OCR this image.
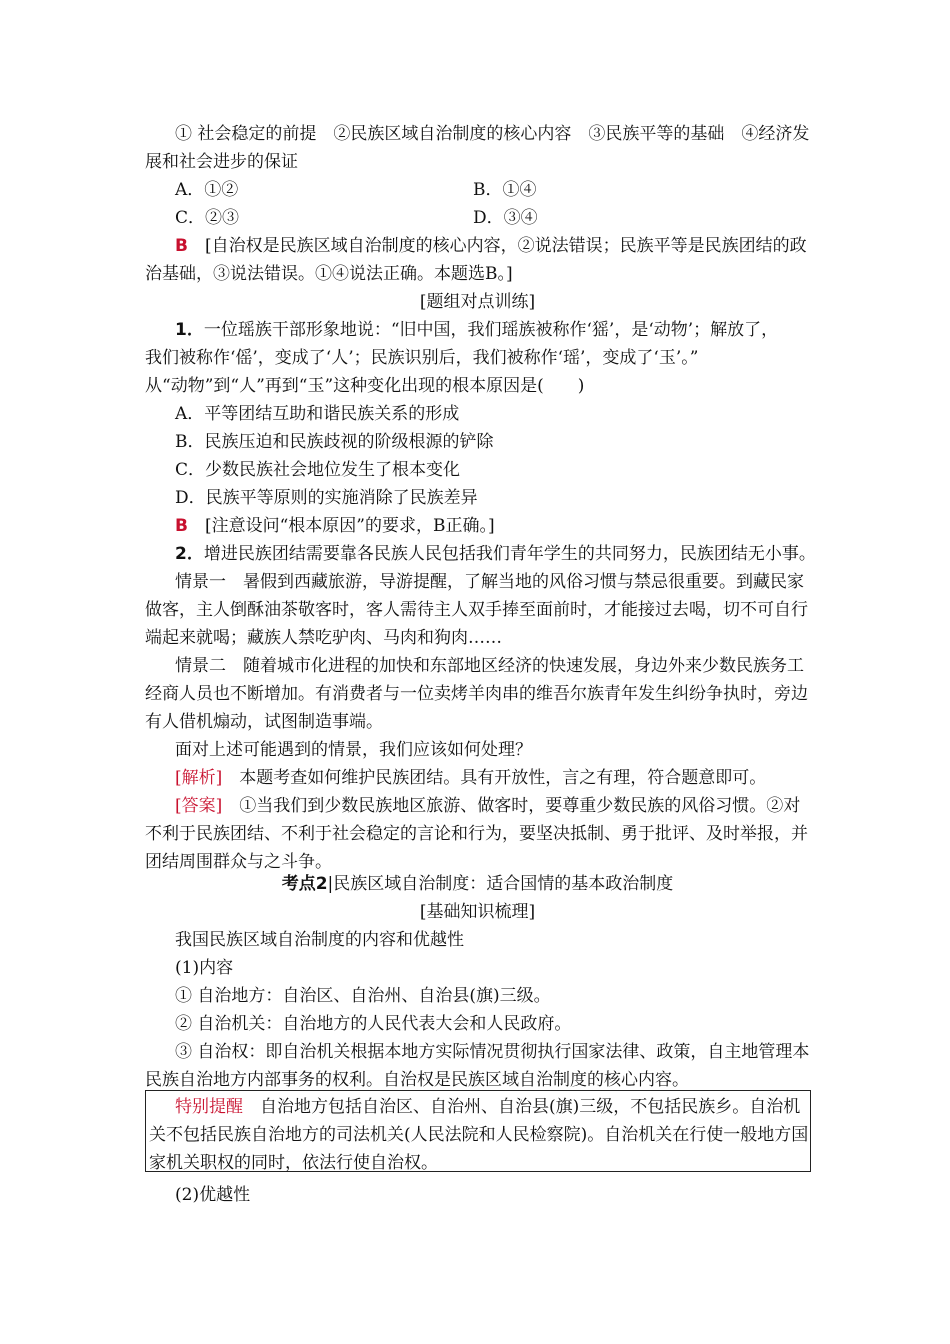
① 社会稳定的前提　②民族区域自治制度的核心内容　③民族平等的基础　④经济发
展和社会进步的保证
A．①②	B．①④
C．②③	D．③④
B　[自治权是民族区域自治制度的核心内容，②说法错误；民族平等是民族团结的政
治基础，③说法错误。①④说法正确。本题选B。]
[题组对点训练]
1．一位瑶族干部形象地说：“旧中国，我们瑶族被称作‘猺’，是‘动物’；解放了，
我们被称作‘傜’，变成了‘人’；民族识别后，我们被称作‘瑶’，变成了‘玉’。”
从“动物”到“人”再到“玉”这种变化出现的根本原因是(　　)
A．平等团结互助和谐民族关系的形成
B．民族压迫和民族歧视的阶级根源的铲除
C．少数民族社会地位发生了根本变化
D．民族平等原则的实施消除了民族差异
B　[注意设问“根本原因”的要求，B正确。]
2．增进民族团结需要靠各民族人民包括我们青年学生的共同努力，民族团结无小事。
情景一　暑假到西藏旅游，导游提醒，了解当地的风俗习惯与禁忌很重要。到藏民家
做客，主人倒酥油茶敬客时，客人需待主人双手捧至面前时，才能接过去喝，切不可自行
端起来就喝；藏族人禁吃驴肉、马肉和狗肉……
情景二　随着城市化进程的加快和东部地区经济的快速发展，身边外来少数民族务工
经商人员也不断增加。有消费者与一位卖烤羊肉串的维吾尔族青年发生纠纷争执时，旁边
有人借机煽动，试图制造事端。
面对上述可能遇到的情景，我们应该如何处理？
[解析]　本题考查如何维护民族团结。具有开放性，言之有理，符合题意即可。
[答案]　①当我们到少数民族地区旅游、做客时，要尊重少数民族的风俗习惯。②对
不利于民族团结、不利于社会稳定的言论和行为，要坚决抵制、勇于批评、及时举报，并
团结周围群众与之斗争。
考点2|民族区域自治制度：适合国情的基本政治制度
[基础知识梳理]
我国民族区域自治制度的内容和优越性
(1)内容
① 自治地方：自治区、自治州、自治县(旗)三级。
② 自治机关：自治地方的人民代表大会和人民政府。
③ 自治权：即自治机关根据本地方实际情况贯彻执行国家法律、政策，自主地管理本
民族自治地方内部事务的权利。自治权是民族区域自治制度的核心内容。
特别提醒　自治地方包括自治区、自治州、自治县(旗)三级，不包括民族乡。自治机
关不包括民族自治地方的司法机关(人民法院和人民检察院)。自治机关在行使一般地方国
家机关职权的同时，依法行使自治权。
(2)优越性
